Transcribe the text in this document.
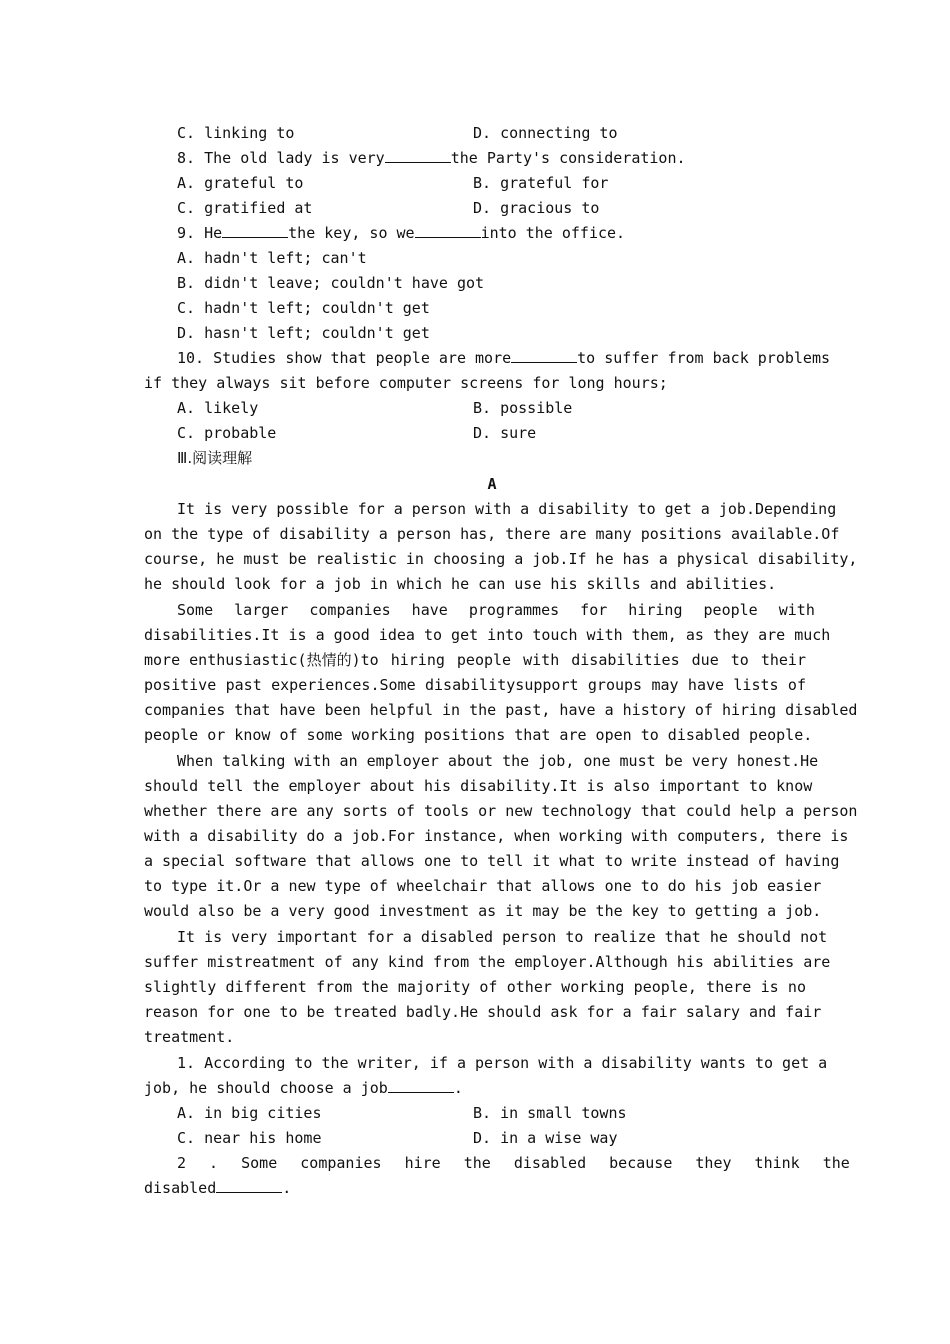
C. linking to	D. connecting to
8. The old lady is very	the Party's consideration.
A. grateful to	B. grateful for
C. gratified at	D. gracious to
9. He	the key, so we	into the office.
A. hadn't left; can't
B. didn't leave; couldn't have got
C. hadn't left; couldn't get
D. hasn't left; couldn't get
10. Studies show that people are more	to suffer from back problems
if they always sit before computer screens for long hours;
A. likely	B. possible
C. probable	D. sure
Ⅲ.阅读理解
A
It is very possible for a person with a disability to get a job.Depending
on the type of disability a person has, there are many positions available.Of
course, he must be realistic in choosing a job.If he has a physical disability,
he should look for a job in which he can use his skills and abilities.
Some larger companies have programmes for hiring people with
disabilities.It is a good idea to get into touch with them, as they are much
more enthusiastic( 热情的 )to hiring people with disabilities due to their
positive past experiences.Some disabilitysupport groups may have lists of
companies that have been helpful in the past, have a history of hiring disabled
people or know of some working positions that are open to disabled people.
When talking with an employer about the job, one must be very honest.He
should tell the employer about his disability.It is also important to know
whether there are any sorts of tools or new technology that could help a person
with a disability do a job.For instance, when working with computers, there is
a special software that allows one to tell it what to write instead of having
to type it.Or a new type of wheelchair that allows one to do his job easier
would also be a very good investment as it may be the key to getting a job.
It is very important for a disabled person to realize that he should not
suffer mistreatment of any kind from the employer.Although his abilities are
slightly different from the majority of other working people, there is no
reason for one to be treated badly.He should ask for a fair salary and fair
treatment.
1. According to the writer, if a person with a disability wants to get a
job, he should choose a job	.
A. in big cities	B. in small towns
C. near his home	D. in a wise way
2 . Some companies hire the disabled because they think the
disabled	.
